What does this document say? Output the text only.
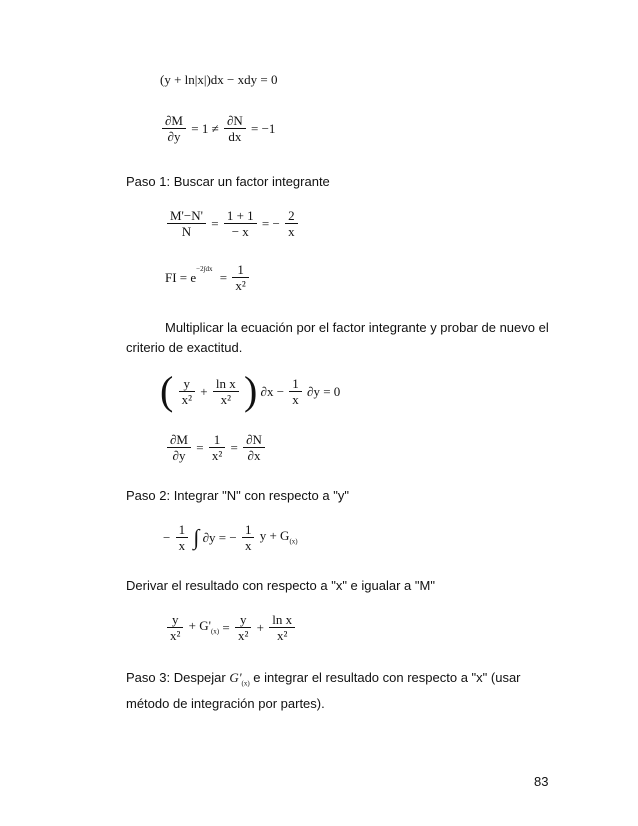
(y + ln|x|)dx − xdy = 0
$\frac{\partial M}{\partial y} = 1 \ne \frac{\partial N}{dx} = -1$
Paso 1: Buscar un factor integrante
$\frac{M'-N'}{N} = \frac{1 + 1}{- x}$ = − $\frac{2}{x}$
FI = $e^{-2\int dx} = \frac{1}{\text{x²}}$
Multiplicar la ecuación por el factor integrante y probar de nuevo el
criterio de exactitud.
( $\frac{y}{\text{x²}} + \frac{\text{ln x}}{\text{x²}}$ ) $\partial x - \frac{1}{x} \partial y = 0$
$\frac{\partial M}{\partial y} = \frac{1}{\text{x²}} = \frac{\partial N}{\partial x}$
Paso 2: Integrar "N" con respecto a "y"
− $\frac{1}{x}$ ∫ ∂y = − $\frac{1}{x}$ $y + G_{(x)}$
Derivar el resultado con respecto a "x" e igualar a "M"
$\frac{y}{\text{x²}} + G'_{(x)} = \frac{y}{\text{x²}} + \frac{\text{ln x}}{\text{x²}}$
Paso 3: Despejar $G'_{(x)}$ e integrar el resultado con respecto a "x" (usar
método de integración por partes).
83
